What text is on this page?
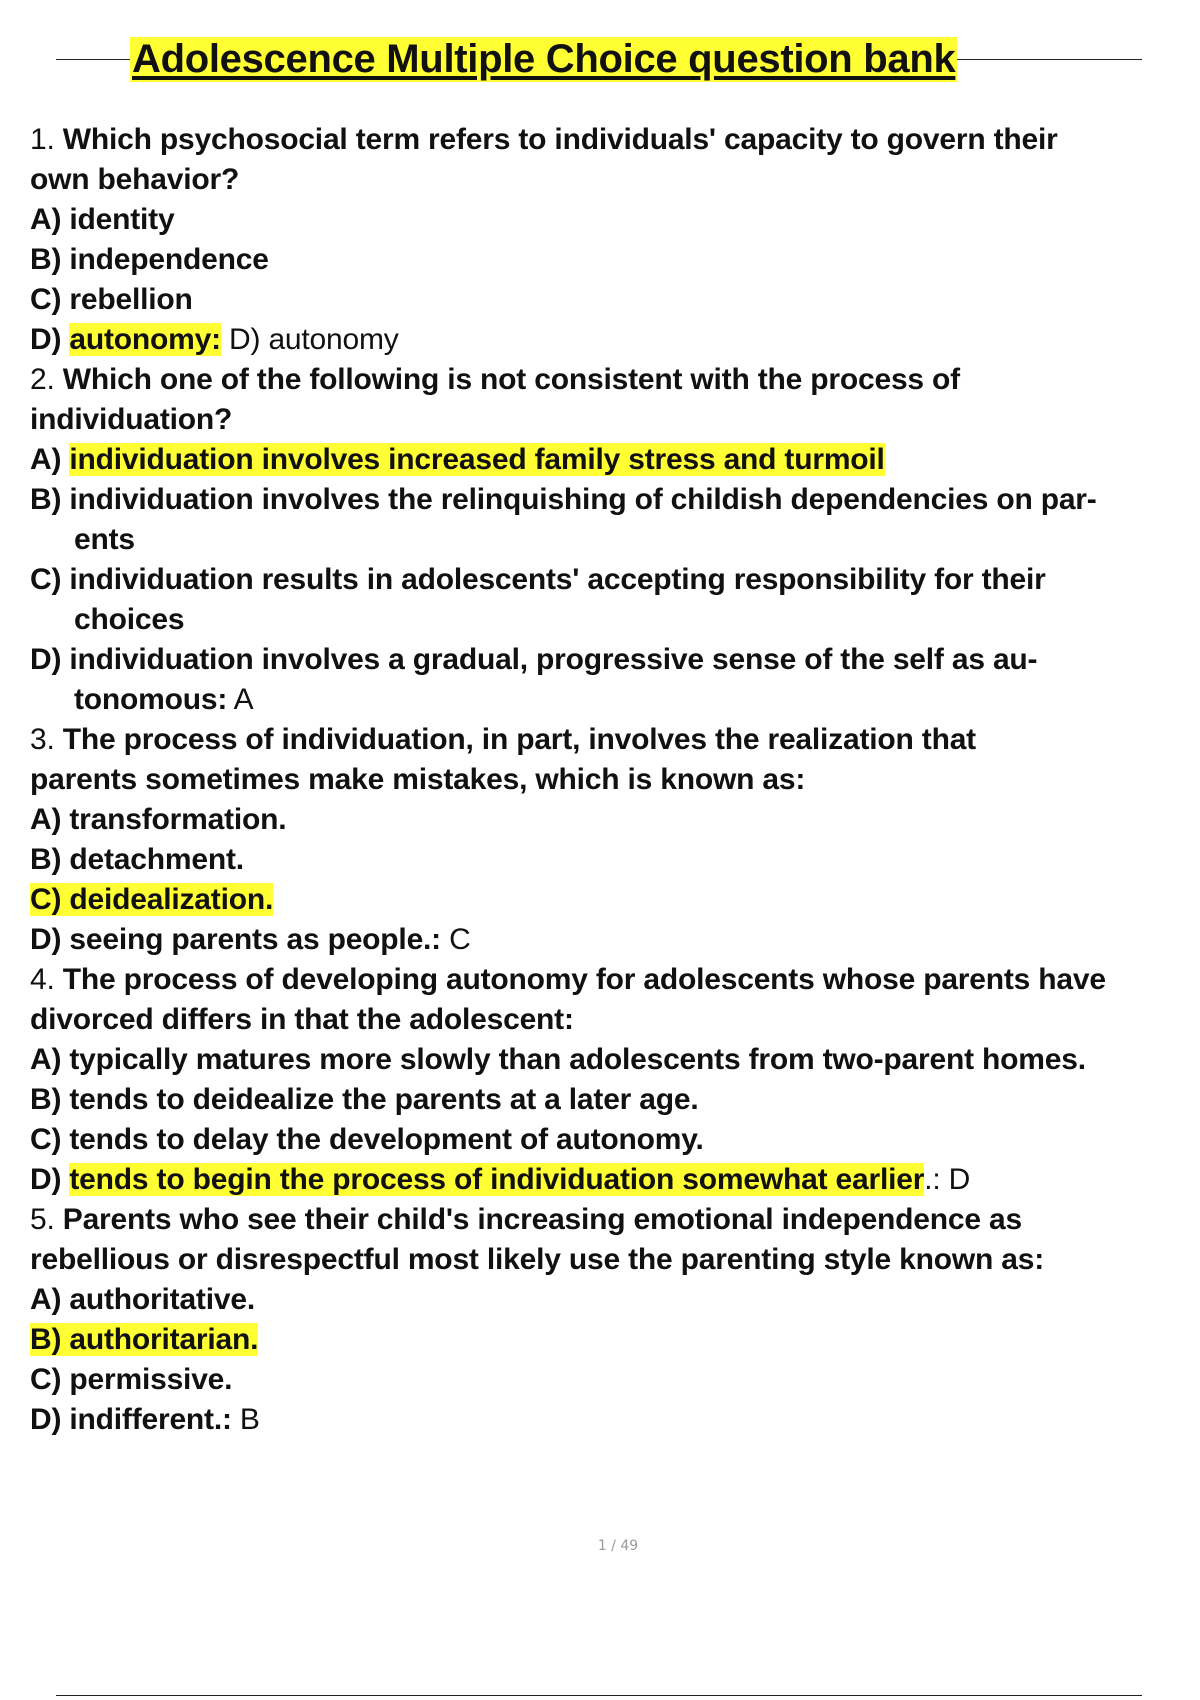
Adolescence Multiple Choice question bank
1. Which psychosocial term refers to individuals' capacity to govern their
own behavior?
A) identity
B) independence
C) rebellion
D) autonomy: D) autonomy
2. Which one of the following is not consistent with the process of
individuation?
A) individuation involves increased family stress and turmoil
B) individuation involves the relinquishing of childish dependencies on par-
ents
C) individuation results in adolescents' accepting responsibility for their
choices
D) individuation involves a gradual, progressive sense of the self as au-
tonomous: A
3. The process of individuation, in part, involves the realization that
parents sometimes make mistakes, which is known as:
A) transformation.
B) detachment.
C) deidealization.
D) seeing parents as people.: C
4. The process of developing autonomy for adolescents whose parents have
divorced differs in that the adolescent:
A) typically matures more slowly than adolescents from two-parent homes.
B) tends to deidealize the parents at a later age.
C) tends to delay the development of autonomy.
D) tends to begin the process of individuation somewhat earlier.: D
5. Parents who see their child's increasing emotional independence as
rebellious or disrespectful most likely use the parenting style known as:
A) authoritative.
B) authoritarian.
C) permissive.
D) indifferent.: B
1 / 49
